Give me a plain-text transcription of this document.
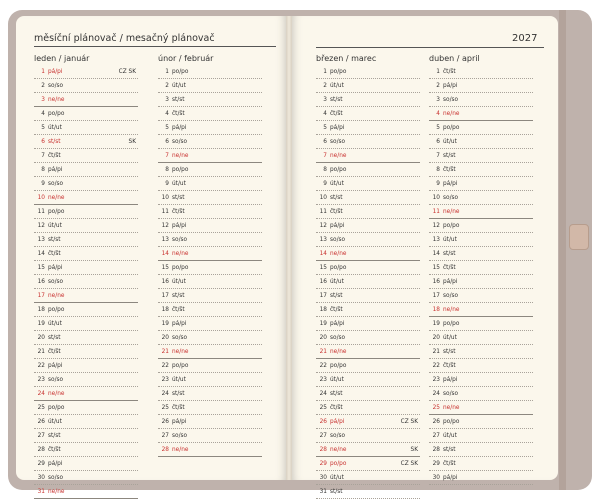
měsíční plánovač / mesačný plánovač	2027
leden / január
1 pá/pi	CZ SK
2 so/so
3 ne/ne
4 po/po
5 út/ut
6 st/st	SK
7 čt/št
8 pá/pi
9 so/so
10 ne/ne
11 po/po
12 út/ut
13 st/st
14 čt/št
15 pá/pi
16 so/so
17 ne/ne
18 po/po
19 út/ut
20 st/st
21 čt/št
22 pá/pi
23 so/so
24 ne/ne
25 po/po
26 út/ut
27 st/st
28 čt/št
29 pá/pi
30 so/so
31 ne/ne
únor / február
1 po/po
2 út/ut
3 st/st
4 čt/št
5 pá/pi
6 so/so
7 ne/ne
8 po/po
9 út/ut
10 st/st
11 čt/št
12 pá/pi
13 so/so
14 ne/ne
15 po/po
16 út/ut
17 st/st
18 čt/št
19 pá/pi
20 so/so
21 ne/ne
22 po/po
23 út/ut
24 st/st
25 čt/št
26 pá/pi
27 so/so
28 ne/ne
březen / marec
1 po/po
2 út/ut
3 st/st
4 čt/št
5 pá/pi
6 so/so
7 ne/ne
8 po/po
9 út/ut
10 st/st
11 čt/št
12 pá/pi
13 so/so
14 ne/ne
15 po/po
16 út/ut
17 st/st
18 čt/št
19 pá/pi
20 so/so
21 ne/ne
22 po/po
23 út/ut
24 st/st
25 čt/št
26 pá/pi	CZ SK
27 so/so
28 ne/ne	SK
29 po/po	CZ SK
30 út/ut
31 st/st
duben / april
1 čt/št
2 pá/pi
3 so/so
4 ne/ne
5 po/po
6 út/ut
7 st/st
8 čt/št
9 pá/pi
10 so/so
11 ne/ne
12 po/po
13 út/ut
14 st/st
15 čt/št
16 pá/pi
17 so/so
18 ne/ne
19 po/po
20 út/ut
21 st/st
22 čt/št
23 pá/pi
24 so/so
25 ne/ne
26 po/po
27 út/ut
28 st/st
29 čt/št
30 pá/pi
